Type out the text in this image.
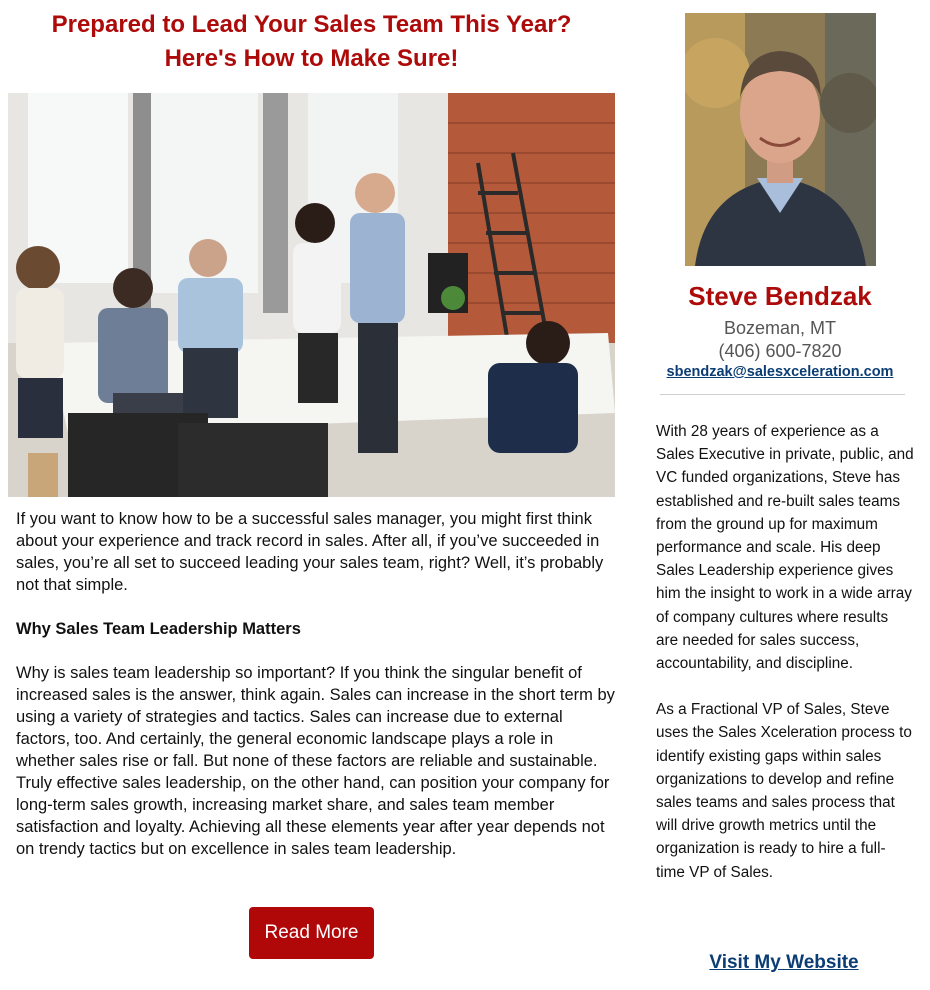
Prepared to Lead Your Sales Team This Year?
Here's How to Make Sure!

If you want to know how to be a successful sales manager, you might first think about your experience and track record in sales. After all, if you’ve succeeded in sales, you’re all set to succeed leading your sales team, right? Well, it’s probably not that simple.

Why Sales Team Leadership Matters

Why is sales team leadership so important? If you think the singular benefit of increased sales is the answer, think again. Sales can increase in the short term by using a variety of strategies and tactics. Sales can increase due to external factors, too. And certainly, the general economic landscape plays a role in whether sales rise or fall. But none of these factors are reliable and sustainable. Truly effective sales leadership, on the other hand, can position your company for long-term sales growth, increasing market share, and sales team member satisfaction and loyalty. Achieving all these elements year after year depends not on trendy tactics but on excellence in sales team leadership.

Read More
Steve Bendzak
Bozeman, MT
(406) 600-7820
sbendzak@salesxceleration.com

With 28 years of experience as a Sales Executive in private, public, and VC funded organizations, Steve has established and re-built sales teams from the ground up for maximum performance and scale. His deep Sales Leadership experience gives him the insight to work in a wide array of company cultures where results are needed for sales success, accountability, and discipline.

As a Fractional VP of Sales, Steve uses the Sales Xceleration process to identify existing gaps within sales organizations to develop and refine sales teams and sales process that will drive growth metrics until the organization is ready to hire a full-time VP of Sales.

Visit My Website
